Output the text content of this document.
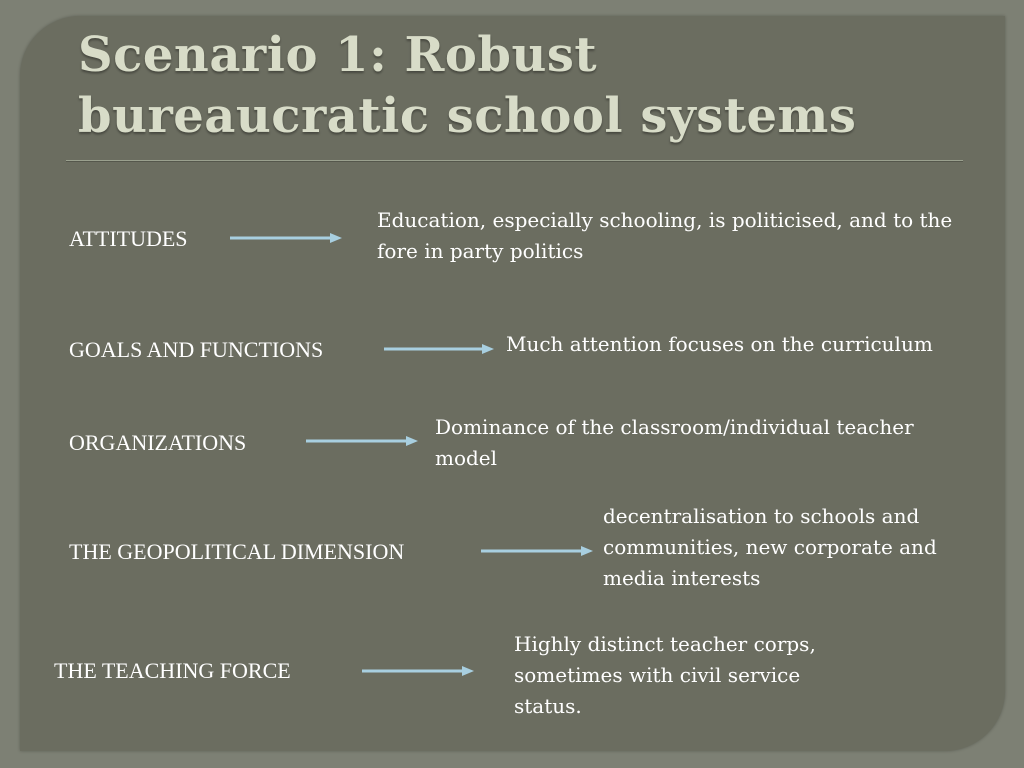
Scenario 1: Robust
bureaucratic school systems
ATTITUDES
Education, especially schooling, is politicised, and to the fore in party politics
GOALS AND FUNCTIONS	Much attention focuses on the curriculum
ORGANIZATIONS
Dominance of the classroom/individual teacher model
THE GEOPOLITICAL DIMENSION
decentralisation to schools and communities, new corporate and media interests
THE TEACHING FORCE
Highly distinct teacher corps, sometimes with civil service status.
